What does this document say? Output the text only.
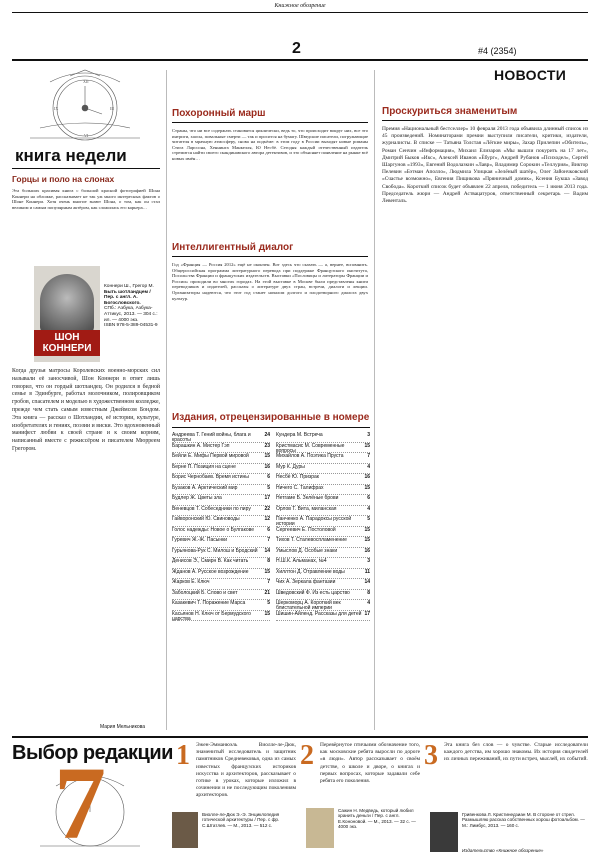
Книжное обозрение
2	#4 (2354)
НОВОСТИ
XII
III
VI
IX
книга недели
Горцы и поло на слонах
Эта больших красивая книга с большой красной фотографией Шона Коннери на обложке, рассказывает не так уж много интересных фактов о Шоне Коннери. Хотя очень многие знают Шона, о том, как он стал великим и самым популярным актёром, как сложилась его карьера…
ШОН КОННЕРИ
Коннери Ш., Грегор М.
Быть шотландцем / Пер. с англ. А. Богословского.
СПб.: Азбука, Азбука-Аттикус, 2013. — 304 с.: ил. — 4000 экз.
ISBN 978-5-389-04531-9
Когда друзья матросы Королевских военно-морских сил называли её заносчивой, Шон Коннери в ответ лишь говорил, что он гордый шотландец. Он родился в бедной семье в Эдинбурге, работал молочником, полировщиком гробов, спасателем и моделью в художественном колледже, прежде чем стать самым известным Джеймсом Бондом. Эта книга — рассказ о Шотландии, её истории, культуре, изобретателях и гениях, поэзии и виски. Это вдохновенный манифест любви к своей стране и к своим корням, написанный вместе с режиссёром и писателем Мюрреем Грегором.
Мария Мельникова
Похоронный марш
Страны, что ни все содержать становятся циклически, ведь то, что происходит вокруг них, все это интриги, хаосы, повальные смерти — так и просится на бумагу. Шведские писатели, погружающие читателя в мрачную атмосферу, снова на подъёме: в этом году в России выходят новые романы Стига Ларссона, Хеннинга Манкелля, Ю Несбё. Сегодня каждый отечественный издатель стремится найти своего скандинавского автора детективов, и это объясняет появление на рынке всё новых имён…
Интеллигентный диалог
Год «Франция — Россия 2012» ещё не окончен. Вот здесь что сказать — а, вернее, вспомнить. Общероссийская программа литературного перевода при поддержке Французского института, Посольства Франции и французских издательств. Выставки «Пословицы и литераторы Франции и России» проходили во многих городах. На этой выставке в Москве были представлены книги переводчиков и издателей, рассказы о литературе двух стран, встречи, диалоги и лекции. Организаторы надеются, что этот год станет началом долгого и плодотворного диалога двух культур.
Проскуриться знаменитым
Премия «Национальный бестселлер» 10 февраля 2013 года объявила длинный список из 45 произведений. Номинаторами премии выступили писатели, критики, издатели, журналисты. В списке — Татьяна Толстая «Лёгкие миры», Захар Прилепин «Обитель», Роман Сенчин «Информация», Михаил Елизаров «Мы вышли покурить на 17 лет», Дмитрий Быков «Икс», Алексей Иванов «Ёбург», Андрей Рубанов «Психодел», Сергей Шаргунов «1993», Евгений Водолазкин «Лавр», Владимир Сорокин «Теллурия», Виктор Пелевин «Бэтман Аполло», Людмила Улицкая «Зелёный шатёр», Олег Зайончковский «Счастье возможно», Евгения Пищикова «Пряничный домик», Ксения Букша «Завод Свобода». Короткий список будет объявлен 22 апреля, победитель — 1 июня 2013 года. Председатель жюри — Андрей Аствацатуров, ответственный секретарь — Вадим Левенталь.
Издания, отрецензированные в номере
Андреева Т. Гений войны, блага и красоты
24
Барашкин А. Мистер Гэп	23
Бейли Е. Мифы Первой мировой	15
Берне П. Позиция на сцене	16
Борис Чернобаев. Время истины	6
Бузаков А. Арктический мир	5
Будлер Ж. Цветы зла	17
Веневцов Т. Собеседники по пиру	22
Гайворонский Ю. Свиноводы	12
Голос надежды: Новое о Булгакове	6
Гуревич Ж.-Ж. Пасынки	7
Гурьянова-Рук С. Милош и Бродский 14
Денисов Э., Смирн В. Как читать	8
Жданов А. Русское возрождение	15
Жарков Е. Ключ	7
Заболоцкий Б. Слово и свет	21
Казакевич Т. Поражение Марса	5
Касьянов Н. Ключ от Бермудского царства
15
Кундера М. Встреча	3
Кристмасис М. Современные вопросы
15
Михайлов А. Поэтика Пруста	7
Мур К. Дуры	4
Несбё Ю. Призрак	16
Ничего С. Талифрах	15
Нетгаме Б. Зелёные брови	6
Орлов Т. Вита, миланская	4
Панченко А. Парадоксы русской истории
5
Сергеевич Е. Постоловой	15
Тихов Т. Сталевоспламенение	15
Умыслов Д. Особые знаки	16
Н.Ш.К. Альманах, №4	3
Хиллтон Д. Отравление воды	11
Чих А. Зеркала фантазии	14
Шведовский Ф. Из есть царство	8
Шеркоморц А. Короткий век блистательной империи
4
Шишин-Айленд. Рассказы для детей 17
Выбор редакции
7	1 Эжен-Эмманюэль Виолле-ле-Дюк, знаменитый исследователь и защитник памятников Средневековья, одна из самых известных французских историков искусства и архитекторов, рассказывает о готике в уроках, которые изложил в сочинении и не последующим поколениям архитекторов.
Виолле-ле-Дюк Э.-Э. Энциклопедия готической архитектуры / Пер. с фр. С.Штатлев. — М., 2013. — 512 с.
2 Перевёрнутое птичьими обозначение того, как московские ребята выросли по дороге «в люди». Автор рассказывает о своём детстве, о школе и дворе, о книгах и первых вопросах, которые задавали себе ребята его поколения.
Сажин Н. Медведь, который любил хранить деньги / Пер. с англ. Е.Кононовой. — М., 2013. — 32 с. — 4000 экз.
3 Эта книга без слов — о чувстве. Старые исследователи каждого детства, им хорошо знакомы. Их история свидетелей их личных переживаний, их пути встреч, мыслей, их событий.
Гривенкова Л. Кристинедзиан М. В стороне от стрел. Размышляю рассказ собственных хорош фотоальбом. — М.: Лимбус, 2013. — 160 с.
Издательство «Книжное обозрение»
